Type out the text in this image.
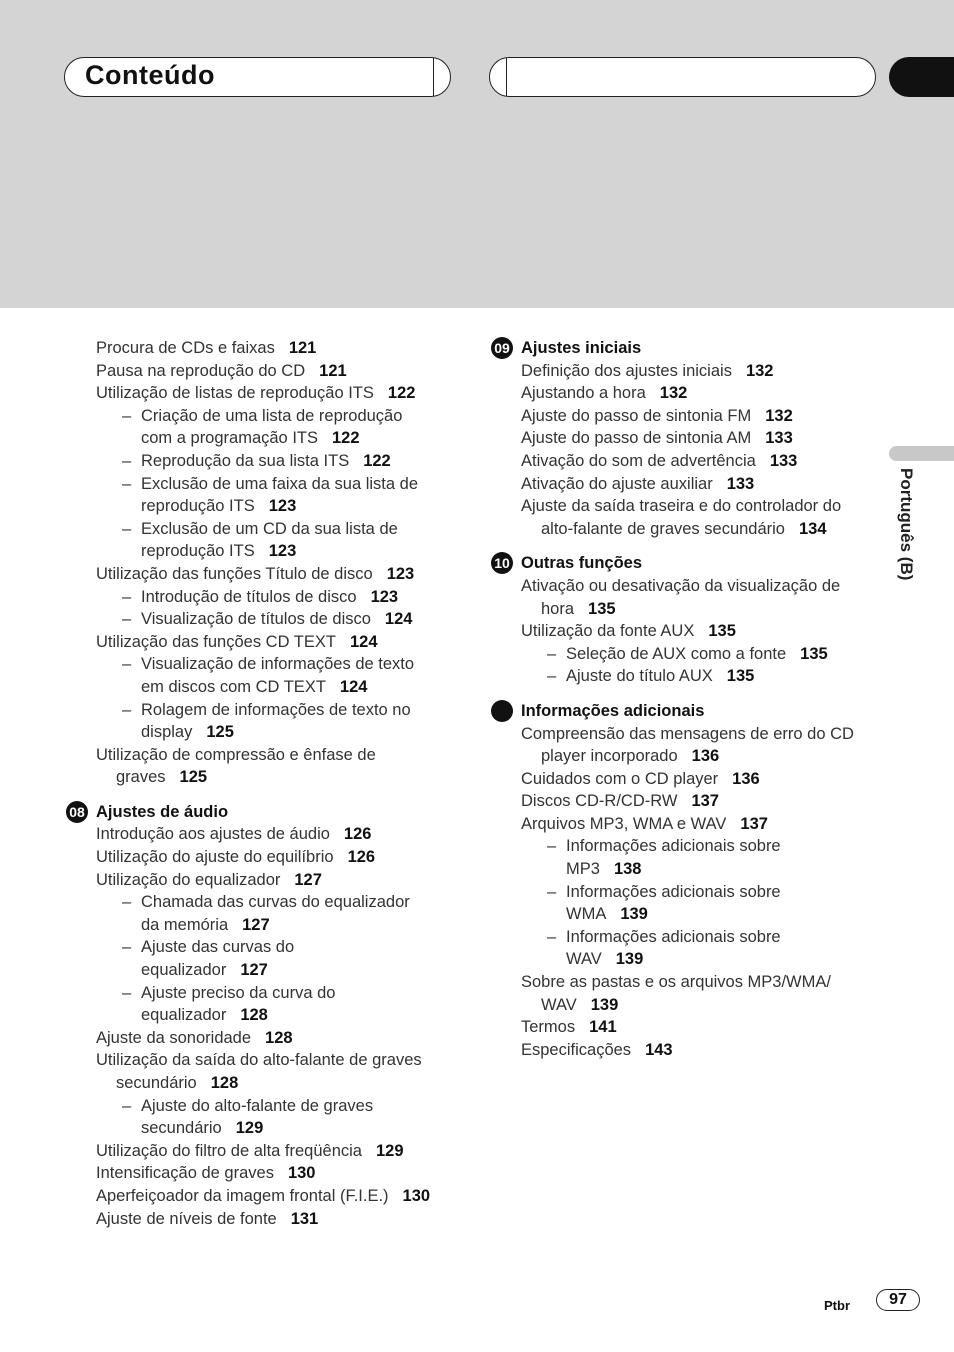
Conteúdo
Português (B)
Procura de CDs e faixas 121
Pausa na reprodução do CD 121
Utilização de listas de reprodução ITS 122
– Criação de uma lista de reprodução
com a programação ITS 122
– Reprodução da sua lista ITS 122
– Exclusão de uma faixa da sua lista de
reprodução ITS 123
– Exclusão de um CD da sua lista de
reprodução ITS 123
Utilização das funções Título de disco 123
– Introdução de títulos de disco 123
– Visualização de títulos de disco 124
Utilização das funções CD TEXT 124
– Visualização de informações de texto
em discos com CD TEXT 124
– Rolagem de informações de texto no
display 125
Utilização de compressão e ênfase de
graves 125
08 Ajustes de áudio
Introdução aos ajustes de áudio 126
Utilização do ajuste do equilíbrio 126
Utilização do equalizador 127
– Chamada das curvas do equalizador
da memória 127
– Ajuste das curvas do
equalizador 127
– Ajuste preciso da curva do
equalizador 128
Ajuste da sonoridade 128
Utilização da saída do alto-falante de graves
secundário 128
– Ajuste do alto-falante de graves
secundário 129
Utilização do filtro de alta freqüência 129
Intensificação de graves 130
Aperfeiçoador da imagem frontal (F.I.E.) 130
Ajuste de níveis de fonte 131
09 Ajustes iniciais
Definição dos ajustes iniciais 132
Ajustando a hora 132
Ajuste do passo de sintonia FM 132
Ajuste do passo de sintonia AM 133
Ativação do som de advertência 133
Ativação do ajuste auxiliar 133
Ajuste da saída traseira e do controlador do
alto-falante de graves secundário 134
10 Outras funções
Ativação ou desativação da visualização de
hora 135
Utilização da fonte AUX 135
– Seleção de AUX como a fonte 135
– Ajuste do título AUX 135
Informações adicionais
Compreensão das mensagens de erro do CD
player incorporado 136
Cuidados com o CD player 136
Discos CD-R/CD-RW 137
Arquivos MP3, WMA e WAV 137
– Informações adicionais sobre
MP3 138
– Informações adicionais sobre
WMA 139
– Informações adicionais sobre
WAV 139
Sobre as pastas e os arquivos MP3/WMA/
WAV 139
Termos 141
Especificações 143
Ptbr	97
